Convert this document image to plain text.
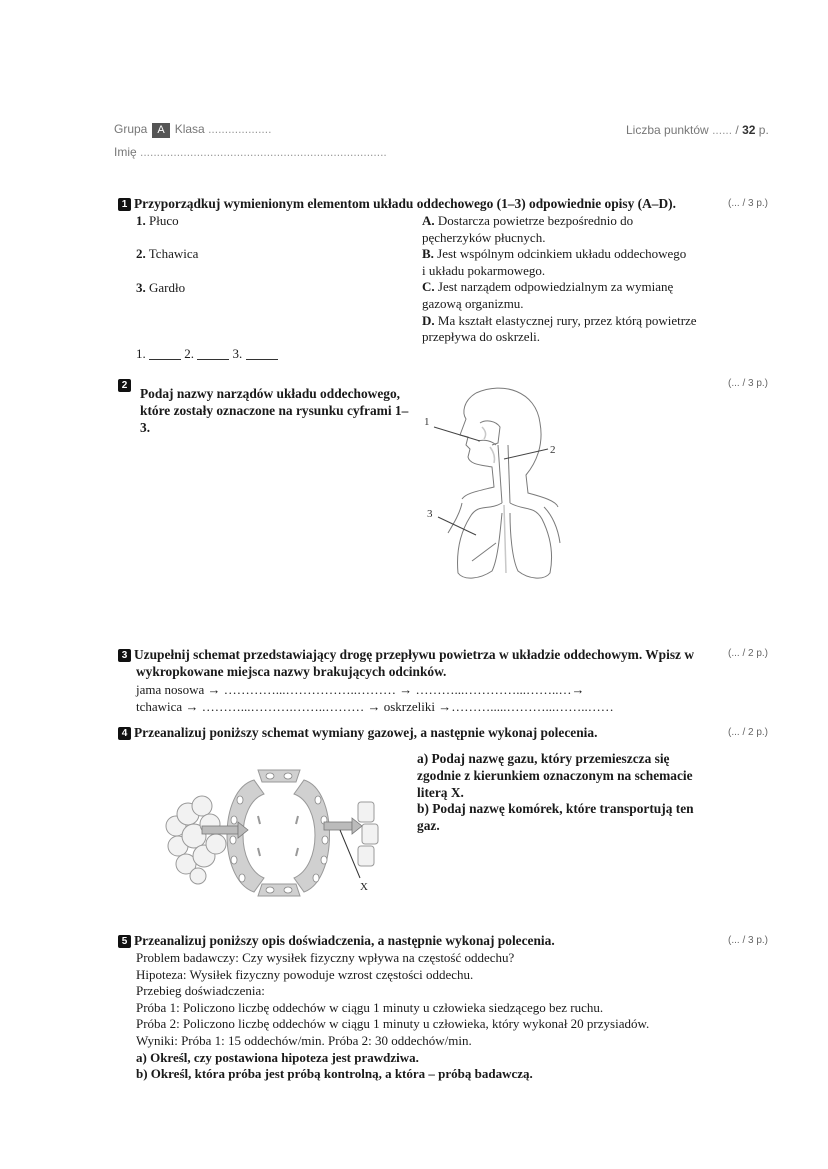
Grupa A Klasa ...................
Imię ..........................................................................
Liczba punktów ...... / 32 p.
1 Przyporządkuj wymienionym elementom układu oddechowego (1–3) odpowiednie opisy (A–D).	(... / 3 p.)
1. Płuco
2. Tchawica
3. Gardło
A. Dostarcza powietrze bezpośrednio do
pęcherzyków płucnych.
B. Jest wspólnym odcinkiem układu oddechowego
i układu pokarmowego.
C. Jest narządem odpowiedzialnym za wymianę
gazową organizmu.
D. Ma kształt elastycznej rury, przez którą powietrze
przepływa do oskrzeli.
1.	2.	3.
2
Podaj nazwy narządów układu oddechowego,
które zostały oznaczone na rysunku cyframi 1–
3.
(... / 3 p.)
1
2
3
3 Uzupełnij schemat przedstawiający drogę przepływu powietrza w układzie oddechowym. Wpisz w
wykropkowane miejsca nazwy brakujących odcinków.
(... / 2 p.)
jama nosowa → …………...……………..……… → ………...…………...……..…→
tchawica → ………...……….……..……… → oskrzeliki →……….....………...……..……
4 Przeanalizuj poniższy schemat wymiany gazowej, a następnie wykonaj polecenia.	(... / 2 p.)
X
a) Podaj nazwę gazu, który przemieszcza się
zgodnie z kierunkiem oznaczonym na schemacie
literą X.
b) Podaj nazwę komórek, które transportują ten
gaz.
5 Przeanalizuj poniższy opis doświadczenia, a następnie wykonaj polecenia.	(... / 3 p.)
Problem badawczy: Czy wysiłek fizyczny wpływa na częstość oddechu?
Hipoteza: Wysiłek fizyczny powoduje wzrost częstości oddechu.
Przebieg doświadczenia:
Próba 1: Policzono liczbę oddechów w ciągu 1 minuty u człowieka siedzącego bez ruchu.
Próba 2: Policzono liczbę oddechów w ciągu 1 minuty u człowieka, który wykonał 20 przysiadów.
Wyniki: Próba 1: 15 oddechów/min. Próba 2: 30 oddechów/min.
a) Określ, czy postawiona hipoteza jest prawdziwa.
b) Określ, która próba jest próbą kontrolną, a która – próbą badawczą.
